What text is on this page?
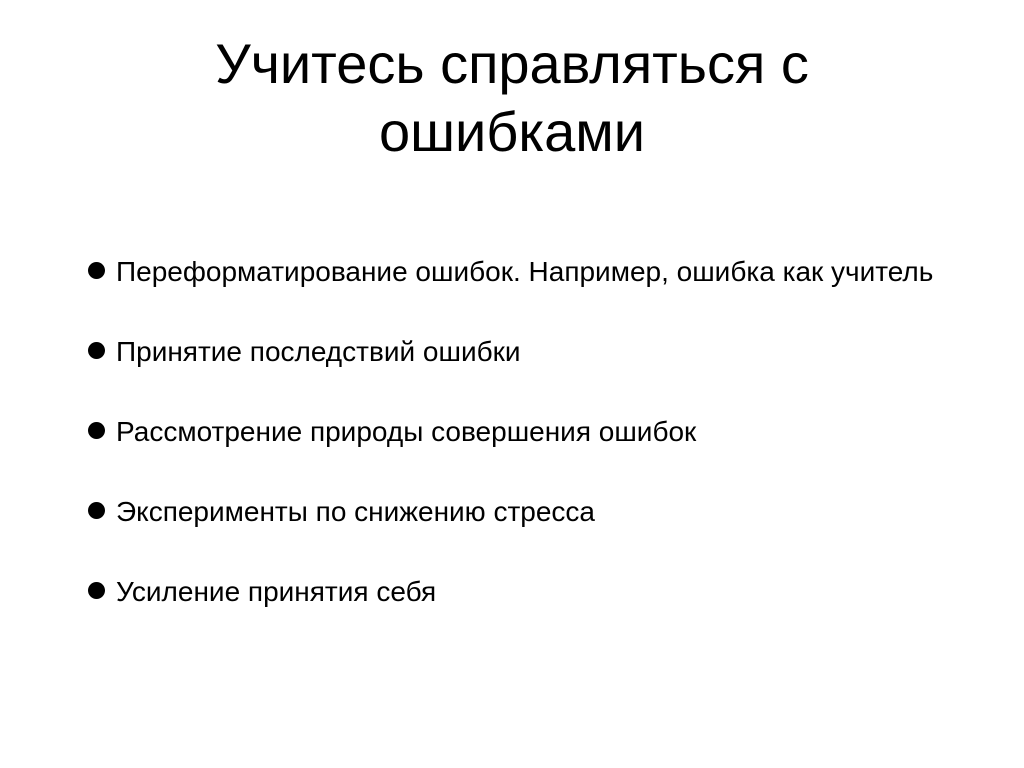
Учитесь справляться с
ошибками
Переформатирование ошибок. Например, ошибка как учитель
Принятие последствий ошибки
Рассмотрение природы совершения ошибок
Эксперименты по снижению стресса
Усиление принятия себя
